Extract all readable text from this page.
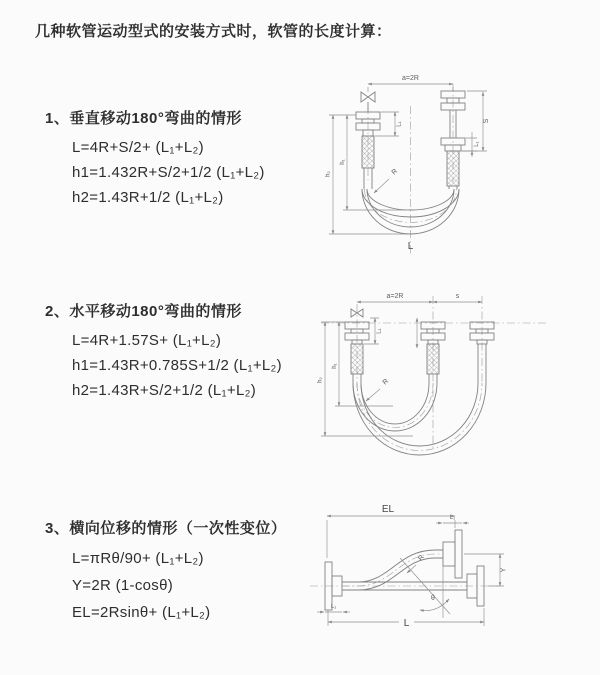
几种软管运动型式的安装方式时，软管的长度计算：
1、垂直移动180°弯曲的情形
L=4R+S/2+ (L₁+L₂)
h1=1.432R+S/2+1/2 (L₁+L₂)
h2=1.43R+1/2 (L₁+L₂)
2、水平移动180°弯曲的情形
L=4R+1.57S+ (L₁+L₂)
h1=1.43R+0.785S+1/2 (L₁+L₂)
h2=1.43R+S/2+1/2 (L₁+L₂)
3、横向位移的情形（一次性变位）
L=πRθ/90+ (L₁+L₂)
Y=2R (1-cosθ)
EL=2Rsinθ+ (L₁+L₂)
a=2R
S
L₁
L₁
h₁
h₂	R
L
a=2R	s
h₁
h₂
L₁
R
EL
L₁
Y
L
L₁
θ
R
